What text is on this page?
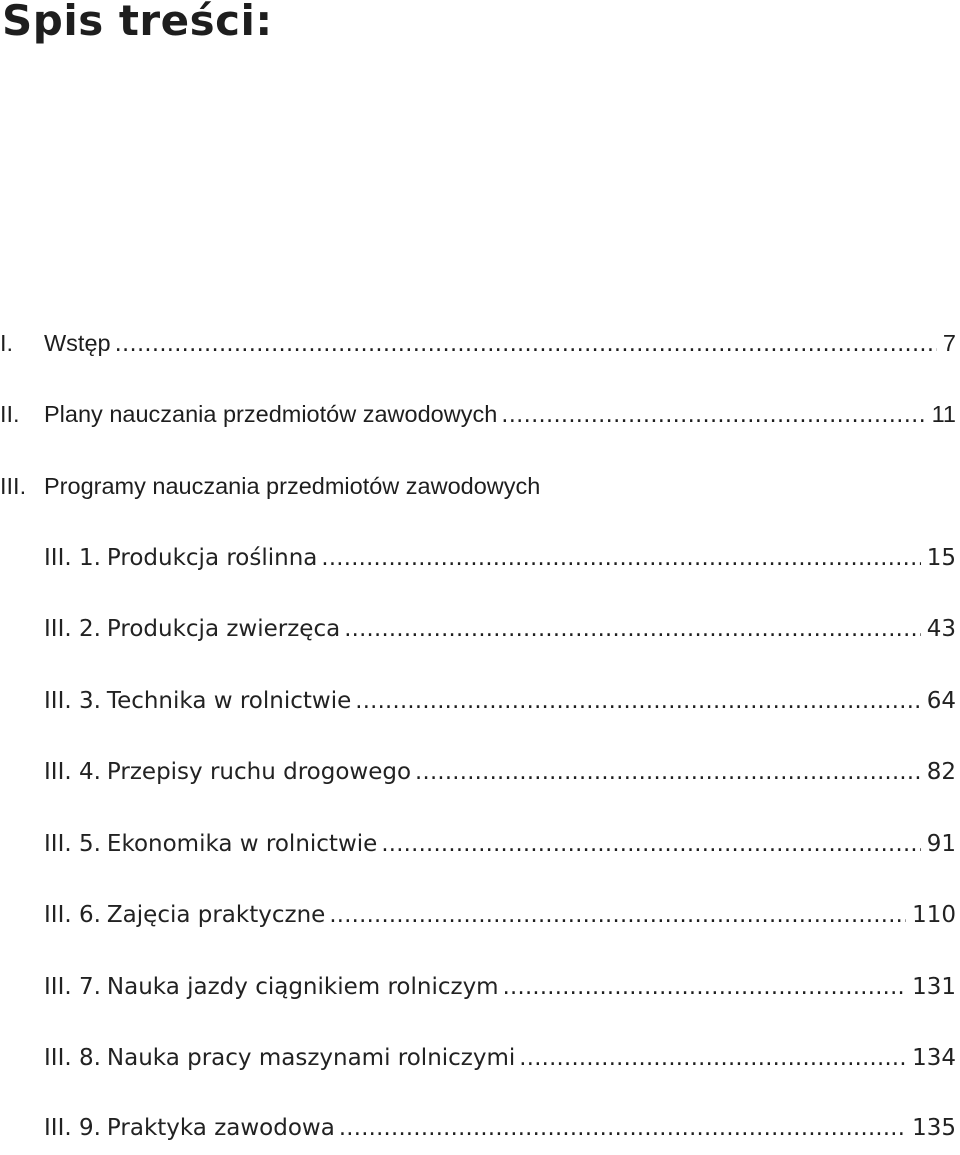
Spis treści:
I.	Wstęp .....	7
II.	Plany nauczania przedmiotów zawodowych .....	11
III. Programy nauczania przedmiotów zawodowych
III. 1. Produkcja roślinna .....	15
III. 2. Produkcja zwierzęca .....	43
III. 3. Technika w rolnictwie .....	64
III. 4. Przepisy ruchu drogowego .....	82
III. 5. Ekonomika w rolnictwie .....	91
III. 6. Zajęcia praktyczne .....	110
III. 7. Nauka jazdy ciągnikiem rolniczym .....	131
III. 8. Nauka pracy maszynami rolniczymi .....	134
III. 9. Praktyka zawodowa .....	135
